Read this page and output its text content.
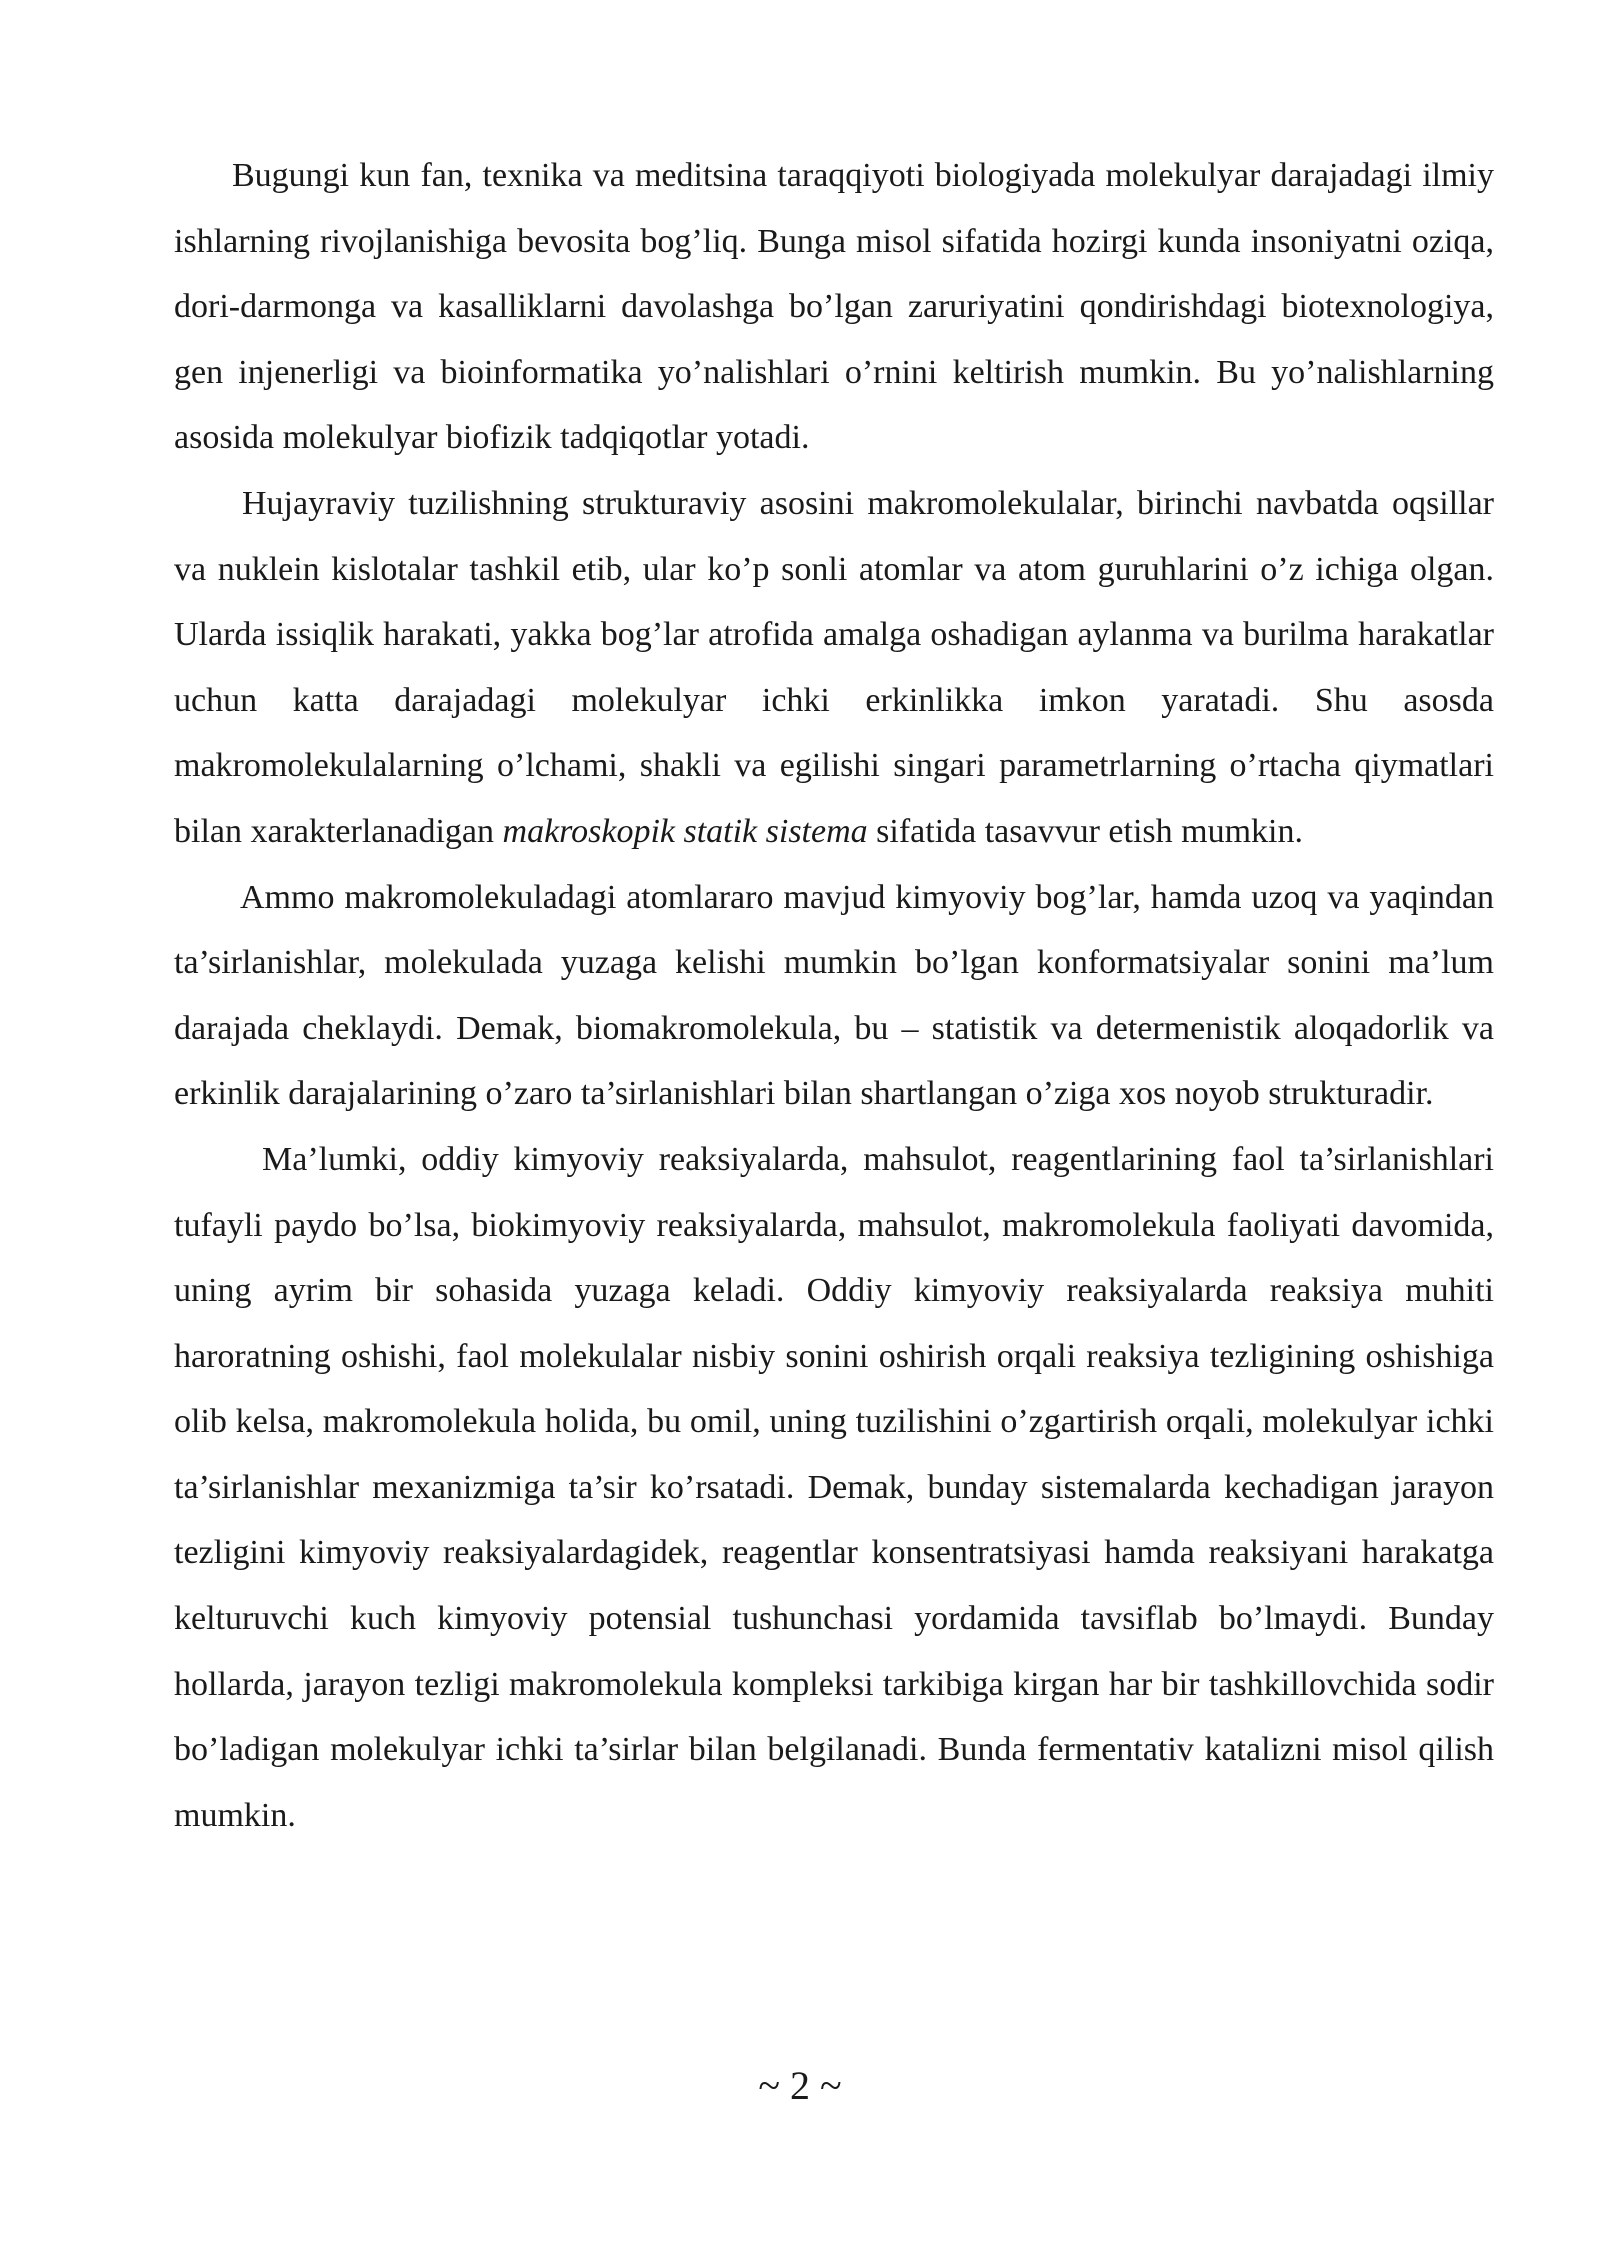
Bugungi kun fan, texnika va meditsina taraqqiyoti biologiyada molekulyar darajadagi ilmiy ishlarning rivojlanishiga bevosita bog’liq. Bunga misol sifatida hozirgi kunda insoniyatni oziqa, dori-darmonga va kasalliklarni davolashga bo’lgan zaruriyatini qondirishdagi biotexnologiya, gen injenerligi va bioinformatika yo’nalishlari o’rnini keltirish mumkin. Bu yo’nalishlarning asosida molekulyar biofizik tadqiqotlar yotadi.

Hujayraviy tuzilishning strukturaviy asosini makromolekulalar, birinchi navbatda oqsillar va nuklein kislotalar tashkil etib, ular ko’p sonli atomlar va atom guruhlarini o’z ichiga olgan. Ularda issiqlik harakati, yakka bog’lar atrofida amalga oshadigan aylanma va burilma harakatlar uchun katta darajadagi molekulyar ichki erkinlikka imkon yaratadi. Shu asosda makromolekulalarning o’lchami, shakli va egilishi singari parametrlarning o’rtacha qiymatlari bilan xarakterlanadigan makroskopik statik sistema sifatida tasavvur etish mumkin.

Ammo makromolekuladagi atomlararo mavjud kimyoviy bog’lar, hamda uzoq va yaqindan ta’sirlanishlar, molekulada yuzaga kelishi mumkin bo’lgan konformatsiyalar sonini ma’lum darajada cheklaydi. Demak, biomakromolekula, bu – statistik va determenistik aloqadorlik va erkinlik darajalarining o’zaro ta’sirlanishlari bilan shartlangan o’ziga xos noyob strukturadir.

Ma’lumki, oddiy kimyoviy reaksiyalarda, mahsulot, reagentlarining faol ta’sirlanishlari tufayli paydo bo’lsa, biokimyoviy reaksiyalarda, mahsulot, makromolekula faoliyati davomida, uning ayrim bir sohasida yuzaga keladi. Oddiy kimyoviy reaksiyalarda reaksiya muhiti haroratning oshishi, faol molekulalar nisbiy sonini oshirish orqali reaksiya tezligining oshishiga olib kelsa, makromolekula holida, bu omil, uning tuzilishini o’zgartirish orqali, molekulyar ichki ta’sirlanishlar mexanizmiga ta’sir ko’rsatadi. Demak, bunday sistemalarda kechadigan jarayon tezligini kimyoviy reaksiyalardagidek, reagentlar konsentratsiyasi hamda reaksiyani harakatga kelturuvchi kuch kimyoviy potensial tushunchasi yordamida tavsiflab bo’lmaydi. Bunday hollarda, jarayon tezligi makromolekula kompleksi tarkibiga kirgan har bir tashkillovchida sodir bo’ladigan molekulyar ichki ta’sirlar bilan belgilanadi. Bunda fermentativ katalizni misol qilish mumkin.

~ 2 ~
